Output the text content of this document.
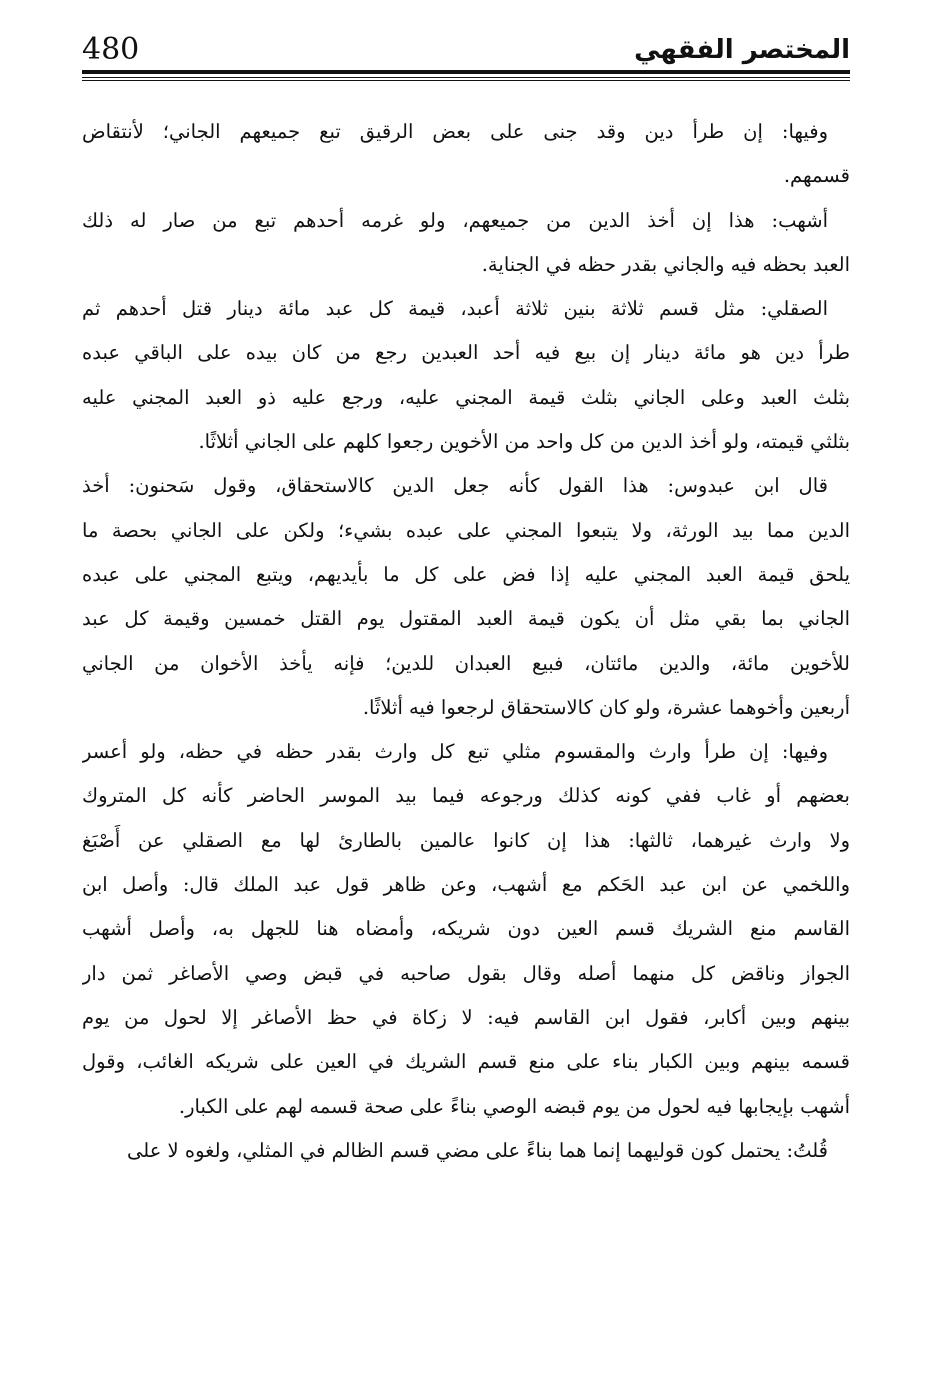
480	المختصر الفقهي
وفيها: إن طرأ دين وقد جنى على بعض الرقيق تبع جميعهم الجاني؛ لأنتقاض
قسمهم.
أشهب: هذا إن أخذ الدين من جميعهم، ولو غرمه أحدهم تبع من صار له ذلك
العبد بحظه فيه والجاني بقدر حظه في الجناية.
الصقلي: مثل قسم ثلاثة بنين ثلاثة أعبد، قيمة كل عبد مائة دينار قتل أحدهم ثم
طرأ دين هو مائة دينار إن بيع فيه أحد العبدين رجع من كان بيده على الباقي عبده
بثلث العبد وعلى الجاني بثلث قيمة المجني عليه، ورجع عليه ذو العبد المجني عليه
بثلثي قيمته، ولو أخذ الدين من كل واحد من الأخوين رجعوا كلهم على الجاني أثلاثًا.
قال ابن عبدوس: هذا القول كأنه جعل الدين كالاستحقاق، وقول سَحنون: أخذ
الدين مما بيد الورثة، ولا يتبعوا المجني على عبده بشيء؛ ولكن على الجاني بحصة ما
يلحق قيمة العبد المجني عليه إذا فض على كل ما بأيديهم، ويتبع المجني على عبده
الجاني بما بقي مثل أن يكون قيمة العبد المقتول يوم القتل خمسين وقيمة كل عبد
للأخوين مائة، والدين مائتان، فبيع العبدان للدين؛ فإنه يأخذ الأخوان من الجاني
أربعين وأخوهما عشرة، ولو كان كالاستحقاق لرجعوا فيه أثلاثًا.
وفيها: إن طرأ وارث والمقسوم مثلي تبع كل وارث بقدر حظه في حظه، ولو أعسر
بعضهم أو غاب ففي كونه كذلك ورجوعه فيما بيد الموسر الحاضر كأنه كل المتروك
ولا وارث غيرهما، ثالثها: هذا إن كانوا عالمين بالطارئ لها مع الصقلي عن أَصْبَغ
واللخمي عن ابن عبد الحَكم مع أشهب، وعن ظاهر قول عبد الملك قال: وأصل ابن
القاسم منع الشريك قسم العين دون شريكه، وأمضاه هنا للجهل به، وأصل أشهب
الجواز وناقض كل منهما أصله وقال بقول صاحبه في قبض وصي الأصاغر ثمن دار
بينهم وبين أكابر، فقول ابن القاسم فيه: لا زكاة في حظ الأصاغر إلا لحول من يوم
قسمه بينهم وبين الكبار بناء على منع قسم الشريك في العين على شريكه الغائب، وقول
أشهب بإيجابها فيه لحول من يوم قبضه الوصي بناءً على صحة قسمه لهم على الكبار.
قُلتُ: يحتمل كون قوليهما إنما هما بناءً على مضي قسم الظالم في المثلي، ولغوه لا على
